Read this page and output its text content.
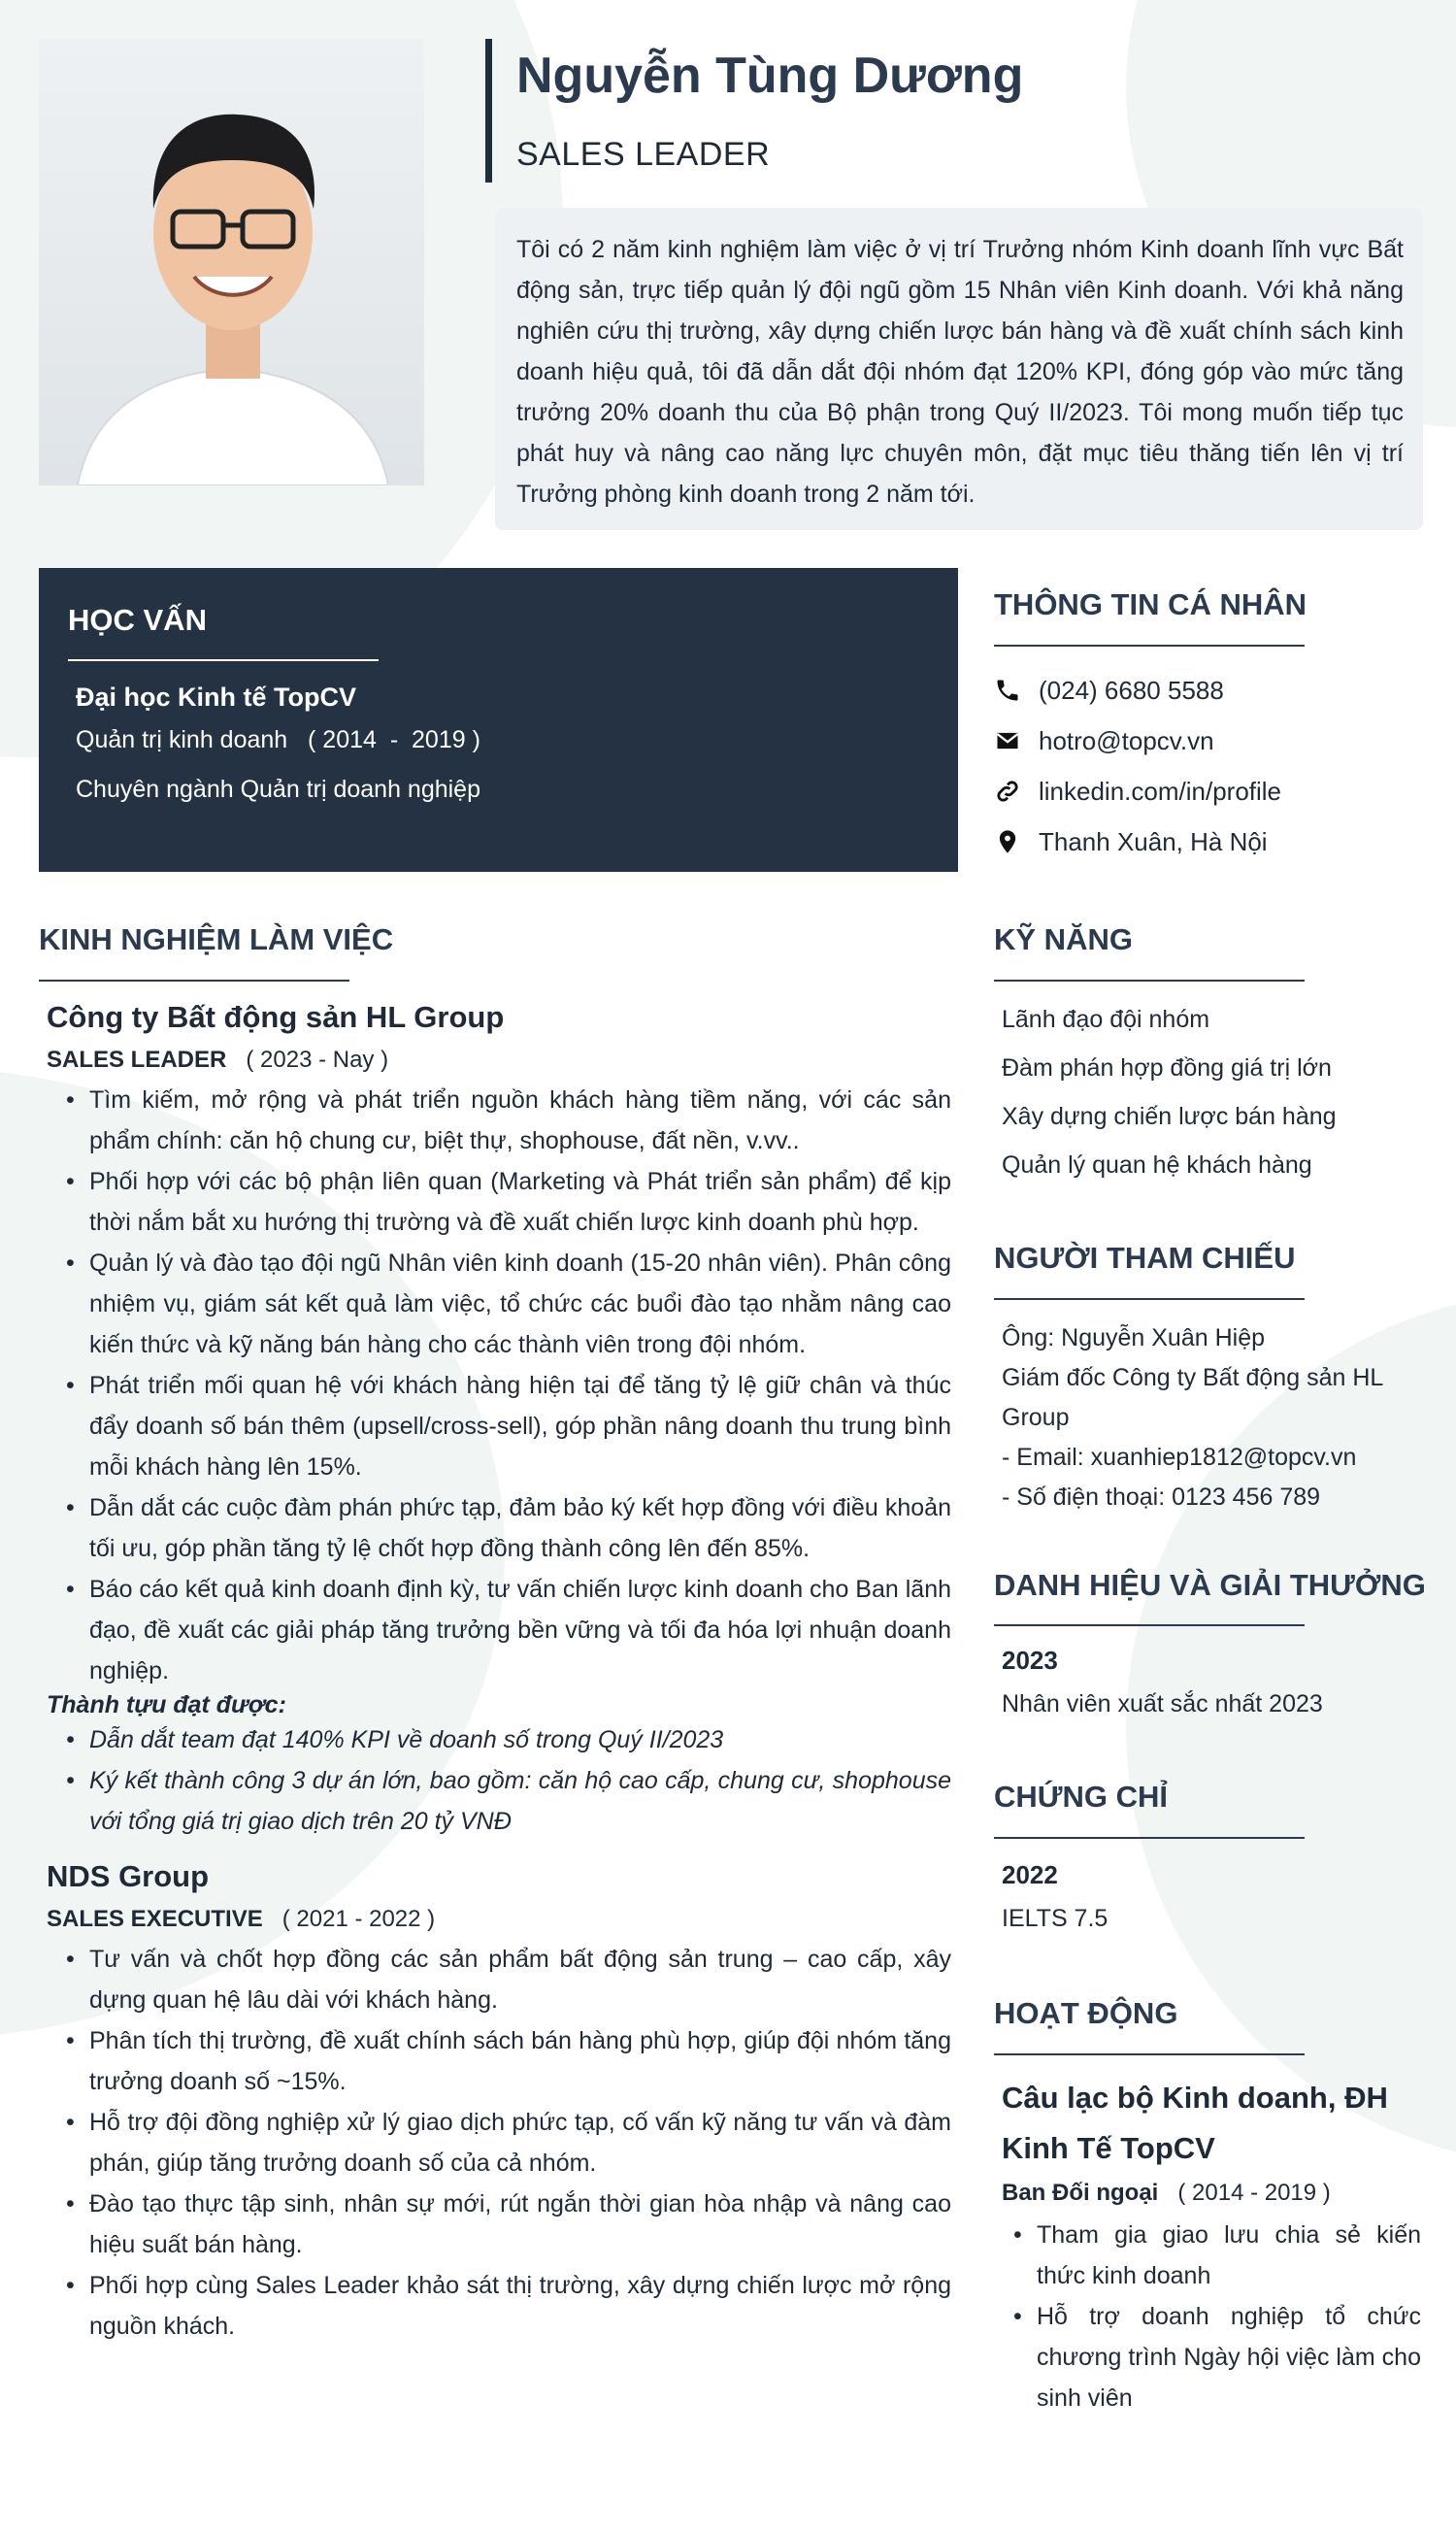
Nguyễn Tùng Dương
SALES LEADER
Tôi có 2 năm kinh nghiệm làm việc ở vị trí Trưởng nhóm Kinh doanh lĩnh vực Bất động sản, trực tiếp quản lý đội ngũ gồm 15 Nhân viên Kinh doanh. Với khả năng nghiên cứu thị trường, xây dựng chiến lược bán hàng và đề xuất chính sách kinh doanh hiệu quả, tôi đã dẫn dắt đội nhóm đạt 120% KPI, đóng góp vào mức tăng trưởng 20% doanh thu của Bộ phận trong Quý II/2023. Tôi mong muốn tiếp tục phát huy và nâng cao năng lực chuyên môn, đặt mục tiêu thăng tiến lên vị trí Trưởng phòng kinh doanh trong 2 năm tới.
HỌC VẤN
Đại học Kinh tế TopCV
Quản trị kinh doanh   ( 2014  -  2019 )
Chuyên ngành Quản trị doanh nghiệp
THÔNG TIN CÁ NHÂN
(024) 6680 5588
hotro@topcv.vn
linkedin.com/in/profile
Thanh Xuân, Hà Nội
KỸ NĂNG
Lãnh đạo đội nhóm
Đàm phán hợp đồng giá trị lớn
Xây dựng chiến lược bán hàng
Quản lý quan hệ khách hàng
NGƯỜI THAM CHIẾU
Ông: Nguyễn Xuân Hiệp
Giám đốc Công ty Bất động sản HL Group
- Email: xuanhiep1812@topcv.vn
- Số điện thoại: 0123 456 789
DANH HIỆU VÀ GIẢI THƯỞNG
2023
Nhân viên xuất sắc nhất 2023
CHỨNG CHỈ
2022
IELTS 7.5
HOẠT ĐỘNG
Câu lạc bộ Kinh doanh, ĐH Kinh Tế TopCV
Ban Đối ngoại ( 2014 - 2019 )
• Tham gia giao lưu chia sẻ kiến thức kinh doanh
• Hỗ trợ doanh nghiệp tổ chức chương trình Ngày hội việc làm cho sinh viên
KINH NGHIỆM LÀM VIỆC
Công ty Bất động sản HL Group
SALES LEADER ( 2023 - Nay )
• Tìm kiếm, mở rộng và phát triển nguồn khách hàng tiềm năng, với các sản phẩm chính: căn hộ chung cư, biệt thự, shophouse, đất nền, v.vv..
• Phối hợp với các bộ phận liên quan (Marketing và Phát triển sản phẩm) để kịp thời nắm bắt xu hướng thị trường và đề xuất chiến lược kinh doanh phù hợp.
• Quản lý và đào tạo đội ngũ Nhân viên kinh doanh (15-20 nhân viên). Phân công nhiệm vụ, giám sát kết quả làm việc, tổ chức các buổi đào tạo nhằm nâng cao kiến thức và kỹ năng bán hàng cho các thành viên trong đội nhóm.
• Phát triển mối quan hệ với khách hàng hiện tại để tăng tỷ lệ giữ chân và thúc đẩy doanh số bán thêm (upsell/cross-sell), góp phần nâng doanh thu trung bình mỗi khách hàng lên 15%.
• Dẫn dắt các cuộc đàm phán phức tạp, đảm bảo ký kết hợp đồng với điều khoản tối ưu, góp phần tăng tỷ lệ chốt hợp đồng thành công lên đến 85%.
• Báo cáo kết quả kinh doanh định kỳ, tư vấn chiến lược kinh doanh cho Ban lãnh đạo, đề xuất các giải pháp tăng trưởng bền vững và tối đa hóa lợi nhuận doanh nghiệp.
Thành tựu đạt được:
• Dẫn dắt team đạt 140% KPI về doanh số trong Quý II/2023
• Ký kết thành công 3 dự án lớn, bao gồm: căn hộ cao cấp, chung cư, shophouse với tổng giá trị giao dịch trên 20 tỷ VNĐ
NDS Group
SALES EXECUTIVE ( 2021 - 2022 )
• Tư vấn và chốt hợp đồng các sản phẩm bất động sản trung – cao cấp, xây dựng quan hệ lâu dài với khách hàng.
• Phân tích thị trường, đề xuất chính sách bán hàng phù hợp, giúp đội nhóm tăng trưởng doanh số ~15%.
• Hỗ trợ đội đồng nghiệp xử lý giao dịch phức tạp, cố vấn kỹ năng tư vấn và đàm phán, giúp tăng trưởng doanh số của cả nhóm.
• Đào tạo thực tập sinh, nhân sự mới, rút ngắn thời gian hòa nhập và nâng cao hiệu suất bán hàng.
• Phối hợp cùng Sales Leader khảo sát thị trường, xây dựng chiến lược mở rộng nguồn khách.
